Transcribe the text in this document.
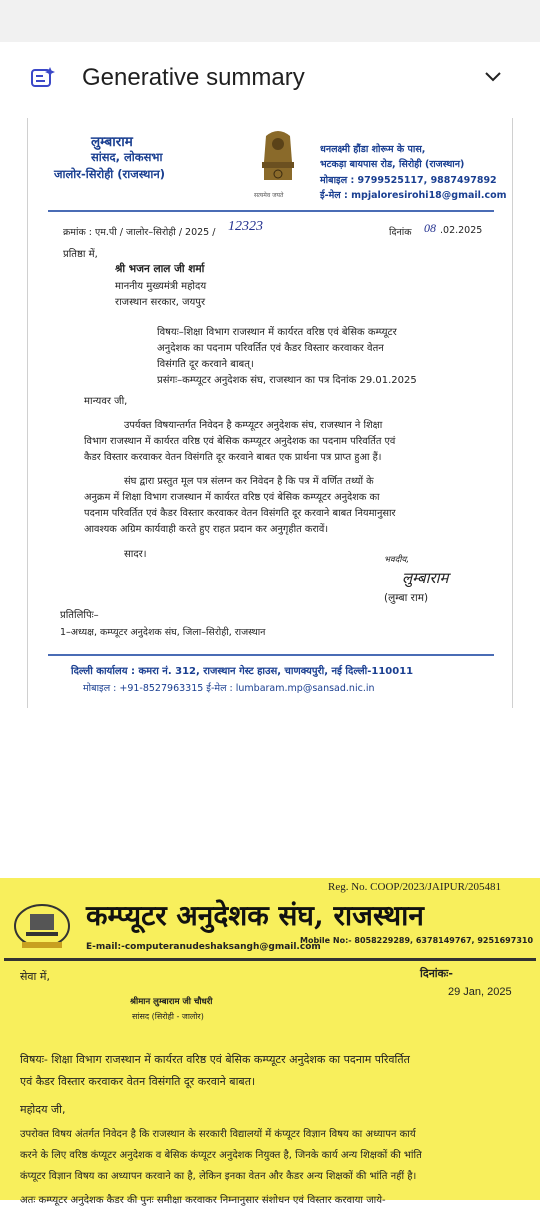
Generative summary
लुम्बाराम
सांसद, लोकसभा
जालोर-सिरोही (राजस्थान)
सत्यमेव जयते
धनलक्ष्मी हौंडा शोरूम के पास,
भटकड़ा बायपास रोड, सिरोही (राजस्थान)
मोबाइल : 9799525117, 9887497892
ई-मेल : mpjaloresirohi18@gmail.com
क्रमांक : एम.पी / जालोर–सिरोही / 2025 / 12323	दिनांक 08 .02.2025
प्रतिष्ठा में,
श्री भजन लाल जी शर्मा
माननीय मुख्यमंत्री महोदय
राजस्थान सरकार, जयपुर
विषयः–शिक्षा विभाग राजस्थान में कार्यरत वरिष्ठ एवं बेसिक कम्प्यूटर
अनुदेशक का पदनाम परिवर्तित एवं कैडर विस्तार करवाकर वेतन
विसंगति दूर करवाने बाबत्।
प्रसंगः–कम्प्यूटर अनुदेशक संघ, राजस्थान का पत्र दिनांक 29.01.2025
मान्यवर जी,
उपर्यक्त विषयान्तर्गत निवेदन है कम्प्यूटर अनुदेशक संघ, राजस्थान ने शिक्षा
विभाग राजस्थान में कार्यरत वरिष्ठ एवं बेसिक कम्प्यूटर अनुदेशक का पदनाम परिवर्तित एवं
कैडर विस्तार करवाकर वेतन विसंगति दूर करवाने बाबत एक प्रार्थना पत्र प्राप्त हुआ हैं।
संघ द्वारा प्रस्तुत मूल पत्र संलग्न कर निवेदन है कि पत्र में वर्णित तथ्यों के
अनुक्रम में शिक्षा विभाग राजस्थान में कार्यरत वरिष्ठ एवं बेसिक कम्प्यूटर अनुदेशक का
पदनाम परिवर्तित एवं कैडर विस्तार करवाकर वेतन विसंगति दूर करवाने बाबत नियमानुसार
आवश्यक अग्रिम कार्यवाही करते हुए राहत प्रदान कर अनुगृहीत करावें।
सादर।	भवदीय,
लुम्बाराम
(लुम्बा राम)
प्रतिलिपिः–
1–अध्यक्ष, कम्प्यूटर अनुदेशक संघ, जिला–सिरोही, राजस्थान
दिल्ली कार्यालय : कमरा नं. 312, राजस्थान गेस्ट हाउस, चाणक्यपुरी, नई दिल्ली-110011
मोबाइल : +91-8527963315 ई-मेल : lumbaram.mp@sansad.nic.in
Reg. No. COOP/2023/JAIPUR/205481
कम्प्यूटर अनुदेशक संघ, राजस्थान
E-mail:-computeranudeshaksangh@gmail.com
Mobile No:- 8058229289, 6378149767, 9251697310
सेवा में,	दिनांकः-
29 Jan, 2025
श्रीमान लुम्बाराम जी चौधरी
सांसद (सिरोही - जालोर)
विषयः- शिक्षा विभाग राजस्थान में कार्यरत वरिष्ठ एवं बेसिक कम्प्यूटर अनुदेशक का पदनाम परिवर्तित
एवं कैडर विस्तार करवाकर वेतन विसंगति दूर करवाने बाबत।
महोदय जी,
उपरोक्त विषय अंतर्गत निवेदन है कि राजस्थान के सरकारी विद्यालयों में कंप्यूटर विज्ञान विषय का अध्यापन कार्य
करने के लिए वरिष्ठ कंप्यूटर अनुदेशक व बेसिक कंप्यूटर अनुदेशक नियुक्त है, जिनके कार्य अन्य शिक्षकों की भांति
कंप्यूटर विज्ञान विषय का अध्यापन करवाने का है, लेकिन इनका वेतन और कैडर अन्य शिक्षकों की भांति नहीं है।
अतः कम्प्यूटर अनुदेशक कैडर की पुनः समीक्षा करवाकर निम्नानुसार संशोधन एवं विस्तार करवाया जाये-
